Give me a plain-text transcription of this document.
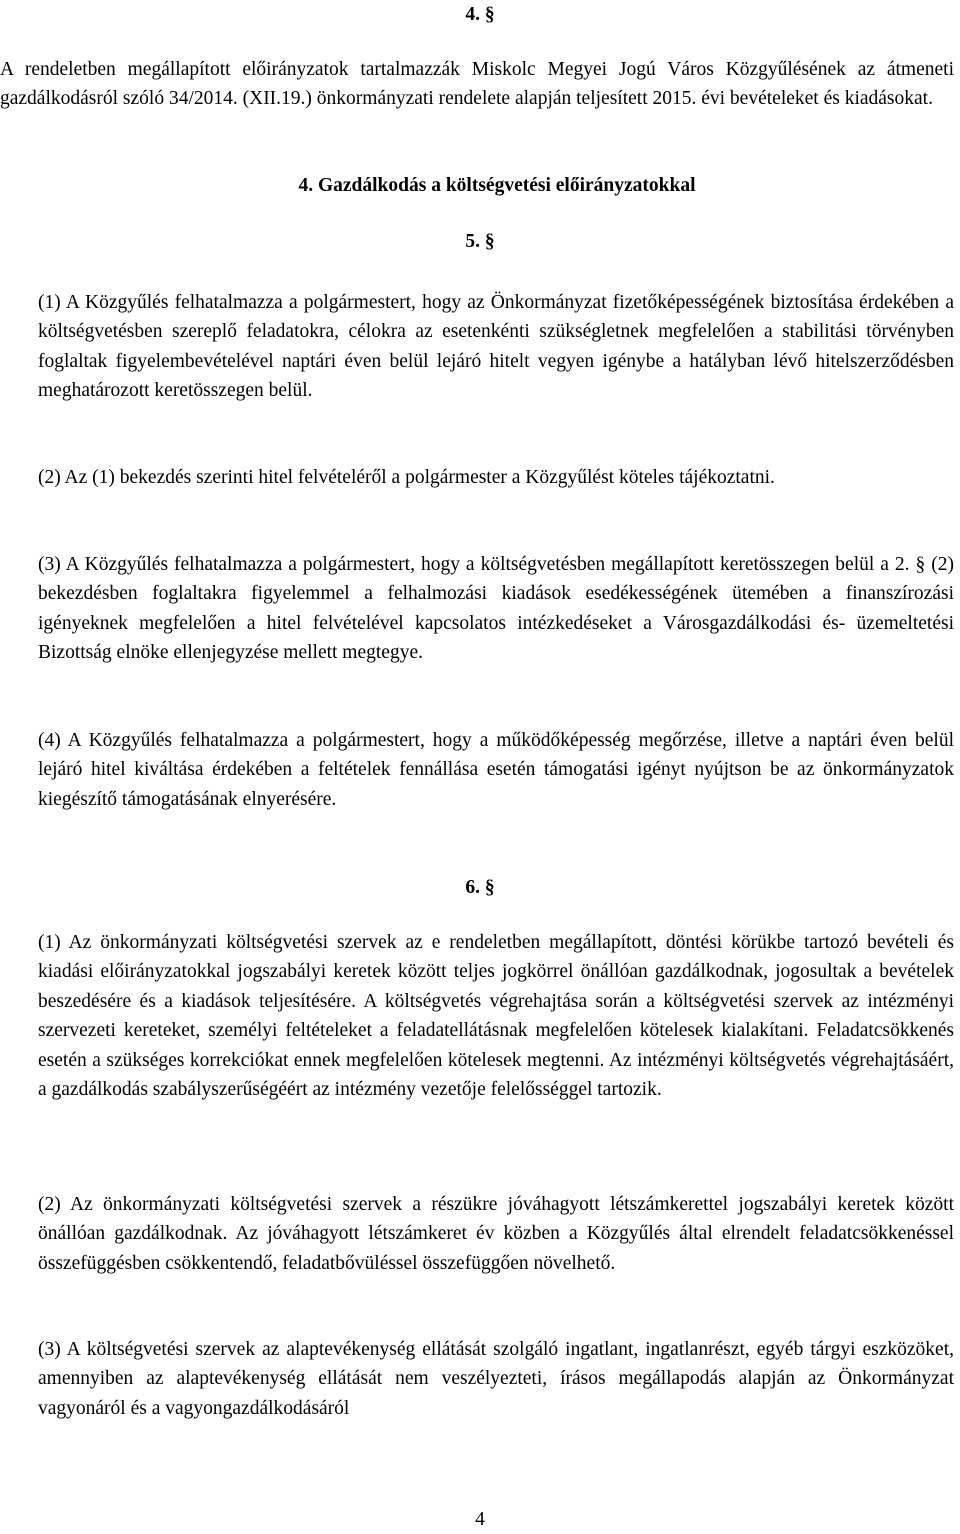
4. §

A rendeletben megállapított előirányzatok tartalmazzák Miskolc Megyei Jogú Város Közgyűlésének az átmeneti gazdálkodásról szóló 34/2014. (XII.19.) önkormányzati rendelete alapján teljesített 2015. évi bevételeket és kiadásokat.

4. Gazdálkodás a költségvetési előirányzatokkal
5. §

(1) A Közgyűlés felhatalmazza a polgármestert, hogy az Önkormányzat fizetőképességének biztosítása érdekében a költségvetésben szereplő feladatokra, célokra az esetenkénti szükségletnek megfelelően a stabilitási törvényben foglaltak figyelembevételével naptári éven belül lejáró hitelt vegyen igénybe a hatályban lévő hitelszerződésben meghatározott keretösszegen belül.

(2) Az (1) bekezdés szerinti hitel felvételéről a polgármester a Közgyűlést köteles tájékoztatni.

(3) A Közgyűlés felhatalmazza a polgármestert, hogy a költségvetésben megállapított keretösszegen belül a 2. § (2) bekezdésben foglaltakra figyelemmel a felhalmozási kiadások esedékességének ütemében a finanszírozási igényeknek megfelelően a hitel felvételével kapcsolatos intézkedéseket a Városgazdálkodási és- üzemeltetési Bizottság elnöke ellenjegyzése mellett megtegye.

(4) A Közgyűlés felhatalmazza a polgármestert, hogy a működőképesség megőrzése, illetve a naptári éven belül lejáró hitel kiváltása érdekében a feltételek fennállása esetén támogatási igényt nyújtson be az önkormányzatok kiegészítő támogatásának elnyerésére.

6. §

(1) Az önkormányzati költségvetési szervek az e rendeletben megállapított, döntési körükbe tartozó bevételi és kiadási előirányzatokkal jogszabályi keretek között teljes jogkörrel önállóan gazdálkodnak, jogosultak a bevételek beszedésére és a kiadások teljesítésére. A költségvetés végrehajtása során a költségvetési szervek az intézményi szervezeti kereteket, személyi feltételeket a feladatellátásnak megfelelően kötelesek kialakítani. Feladatcsökkenés esetén a szükséges korrekciókat ennek megfelelően kötelesek megtenni. Az intézményi költségvetés végrehajtásáért, a gazdálkodás szabályszerűségéért az intézmény vezetője felelősséggel tartozik.

(2) Az önkormányzati költségvetési szervek a részükre jóváhagyott létszámkerettel jogszabályi keretek között önállóan gazdálkodnak. Az jóváhagyott létszámkeret év közben a Közgyűlés által elrendelt feladatcsökkenéssel összefüggésben csökkentendő, feladatbővüléssel összefüggően növelhető.

(3) A költségvetési szervek az alaptevékenység ellátását szolgáló ingatlant, ingatlanrészt, egyéb tárgyi eszközöket, amennyiben az alaptevékenység ellátását nem veszélyezteti, írásos megállapodás alapján az Önkormányzat vagyonáról és a vagyongazdálkodásáról

4
